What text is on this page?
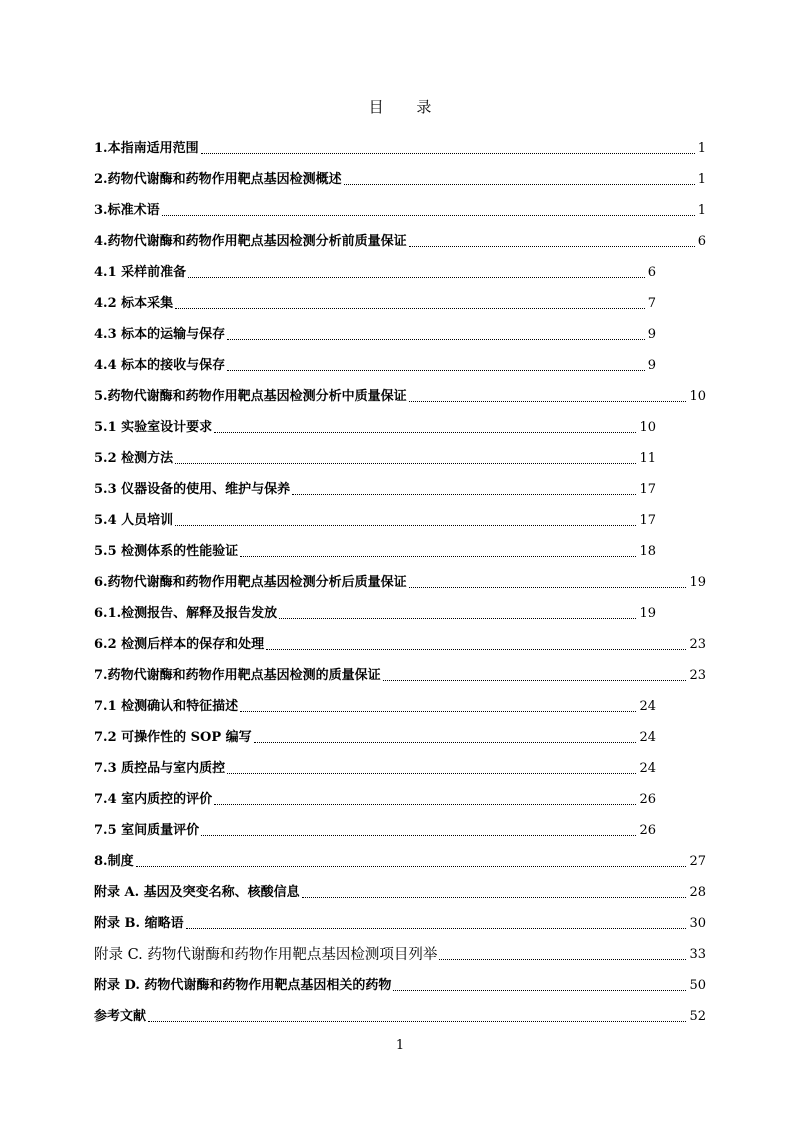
目 录
1.本指南适用范围	1
2.药物代谢酶和药物作用靶点基因检测概述	1
3.标准术语	1
4.药物代谢酶和药物作用靶点基因检测分析前质量保证	6
4.1 采样前准备	6
4.2 标本采集	7
4.3 标本的运输与保存	9
4.4 标本的接收与保存	9
5.药物代谢酶和药物作用靶点基因检测分析中质量保证	10
5.1 实验室设计要求	10
5.2 检测方法	11
5.3 仪器设备的使用、维护与保养	17
5.4 人员培训	17
5.5 检测体系的性能验证	18
6.药物代谢酶和药物作用靶点基因检测分析后质量保证	19
6.1.检测报告、解释及报告发放	19
6.2 检测后样本的保存和处理	23
7.药物代谢酶和药物作用靶点基因检测的质量保证	23
7.1 检测确认和特征描述	24
7.2 可操作性的 SOP 编写	24
7.3 质控品与室内质控	24
7.4 室内质控的评价	26
7.5 室间质量评价	26
8.制度	27
附录 A. 基因及突变名称、核酸信息	28
附录 B. 缩略语	30
附录 C. 药物代谢酶和药物作用靶点基因检测项目列举	33
附录 D. 药物代谢酶和药物作用靶点基因相关的药物	50
参考文献	52
1
